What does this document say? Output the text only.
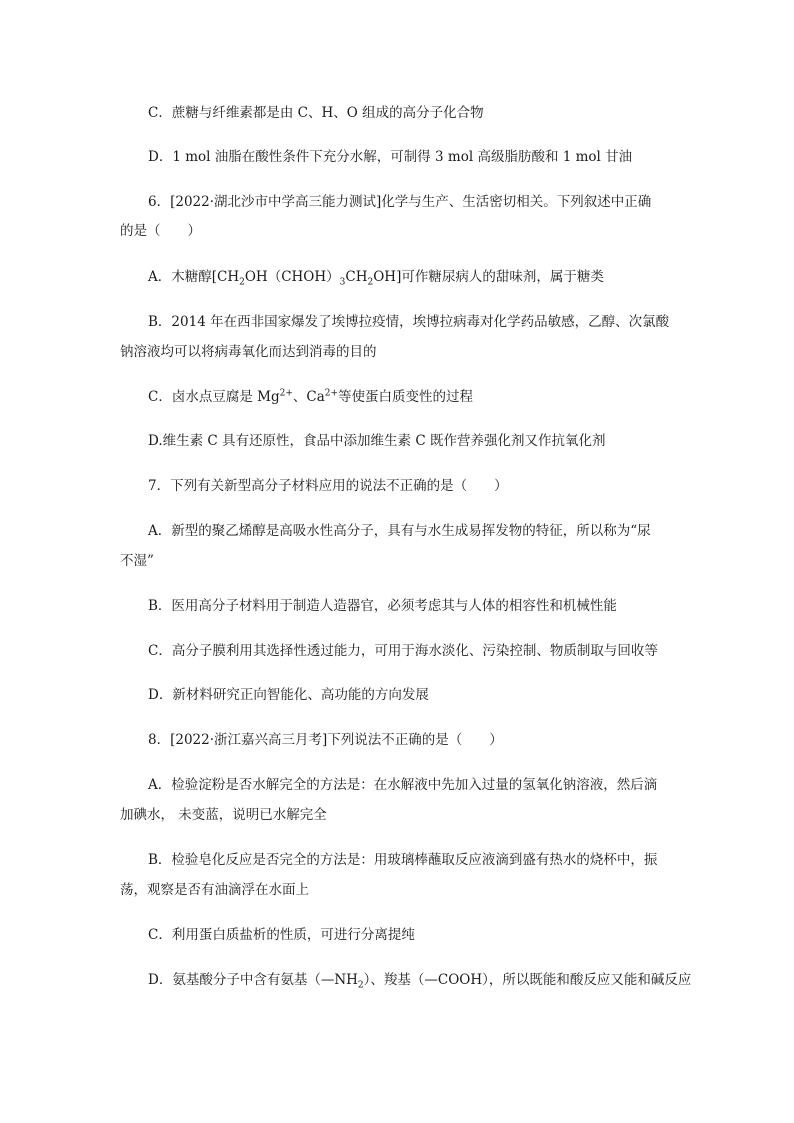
C．蔗糖与纤维素都是由 C、H、O 组成的高分子化合物
D．1 mol 油脂在酸性条件下充分水解，可制得 3 mol 高级脂肪酸和 1 mol 甘油
6．[2022·湖北沙市中学高三能力测试]化学与生产、生活密切相关。下列叙述中正确
的是（　　）
A．木糖醇$[CH_2OH(CHOH)_3CH_2OH]$可作糖尿病人的甜味剂，属于糖类
B．2014 年在西非国家爆发了埃博拉疫情，埃博拉病毒对化学药品敏感，乙醇、次氯酸
钠溶液均可以将病毒氧化而达到消毒的目的
C．卤水点豆腐是 $Mg^{2+}$、$Ca^{2+}$等使蛋白质变性的过程
D.维生素 C 具有还原性，食品中添加维生素 C 既作营养强化剂又作抗氧化剂
7．下列有关新型高分子材料应用的说法不正确的是（　　）
A．新型的聚乙烯醇是高吸水性高分子，具有与水生成易挥发物的特征，所以称为“尿
不湿”
B．医用高分子材料用于制造人造器官，必须考虑其与人体的相容性和机械性能
C．高分子膜利用其选择性透过能力，可用于海水淡化、污染控制、物质制取与回收等
D．新材料研究正向智能化、高功能的方向发展
8．[2022·浙江嘉兴高三月考]下列说法不正确的是（　　）
A．检验淀粉是否水解完全的方法是：在水解液中先加入过量的氢氧化钠溶液，然后滴
加碘水， 未变蓝，说明已水解完全
B．检验皂化反应是否完全的方法是：用玻璃棒蘸取反应液滴到盛有热水的烧杯中，振
荡，观察是否有油滴浮在水面上
C．利用蛋白质盐析的性质，可进行分离提纯
D．氨基酸分子中含有氨基$(—NH_2)$、羧基（—COOH），所以既能和酸反应又能和碱反应
